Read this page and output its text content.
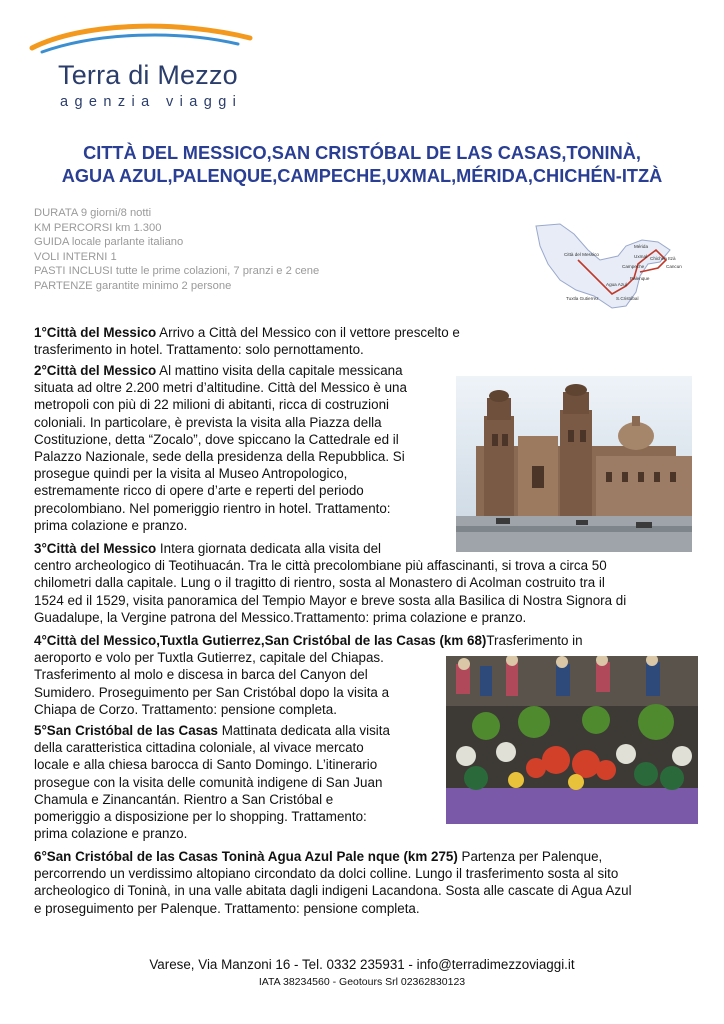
Terra di Mezzo
agenzia viaggi
CITTÀ DEL MESSICO,SAN CRISTÓBAL DE LAS CASAS,TONINÀ,
AGUA AZUL,PALENQUE,CAMPECHE,UXMAL,MÉRIDA,CHICHÉN-ITZÀ
DURATA 9 giorni/8 notti
KM PERCORSI km 1.300
GUIDA locale parlante italiano
VOLI INTERNI 1
PASTI INCLUSI tutte le prime colazioni, 7 pranzi e 2 cene
PARTENZE garantite minimo 2 persone
Città del Messico
Mérida
Chichén Itzà
Uxmal
Campeche	Cancun
Palenque
Agua Azul
Tuxtla Gutierrez	S.Cristóbal
1°Città del Messico Arrivo a Città del Messico con il vettore prescelto e
trasferimento in hotel. Trattamento: solo pernottamento.
2°Città del Messico Al mattino visita della capitale messicana
situata ad oltre 2.200 metri d’altitudine. Città del Messico è una
metropoli con più di 22 milioni di abitanti, ricca di costruzioni
coloniali. In particolare, è prevista la visita alla Piazza della
Costituzione, detta “Zocalo”, dove spiccano la Cattedrale ed il
Palazzo Nazionale, sede della presidenza della Repubblica. Si
prosegue quindi per la visita al Museo Antropologico,
estremamente ricco di opere d’arte e reperti del periodo
precolombiano. Nel pomeriggio rientro in hotel. Trattamento:
prima colazione e pranzo.
3°Città del Messico Intera giornata dedicata alla visita del
centro archeologico di Teotihuacán. Tra le città precolombiane più affascinanti, si trova a circa 50
chilometri dalla capitale. Lung o il tragitto di rientro, sosta al Monastero di Acolman costruito tra il
1524 ed il 1529, visita panoramica del Tempio Mayor e breve sosta alla Basilica di Nostra Signora di
Guadalupe, la Vergine patrona del Messico.Trattamento: prima colazione e pranzo.
4°Città del Messico,Tuxtla Gutierrez,San Cristóbal de las Casas (km 68)Trasferimento in
aeroporto e volo per Tuxtla Gutierrez, capitale del Chiapas.
Trasferimento al molo e discesa in barca del Canyon del
Sumidero. Proseguimento per San Cristóbal dopo la visita a
Chiapa de Corzo. Trattamento: pensione completa.
5°San Cristóbal de las Casas Mattinata dedicata alla visita
della caratteristica cittadina coloniale, al vivace mercato
locale e alla chiesa barocca di Santo Domingo. L’itinerario
prosegue con la visita delle comunità indigene di San Juan
Chamula e Zinancantán. Rientro a San Cristóbal e
pomeriggio a disposizione per lo shopping. Trattamento:
prima colazione e pranzo.
6°San Cristóbal de las Casas Toninà Agua Azul Pale nque (km 275) Partenza per Palenque,
percorrendo un verdissimo altopiano circondato da dolci colline. Lungo il trasferimento sosta al sito
archeologico di Toninà, in una valle abitata dagli indigeni Lacandona. Sosta alle cascate di Agua Azul
e proseguimento per Palenque. Trattamento: pensione completa.
Varese, Via Manzoni 16 - Tel. 0332 235931 - info@terradimezzoviaggi.it
IATA 38234560 - Geotours Srl 02362830123
